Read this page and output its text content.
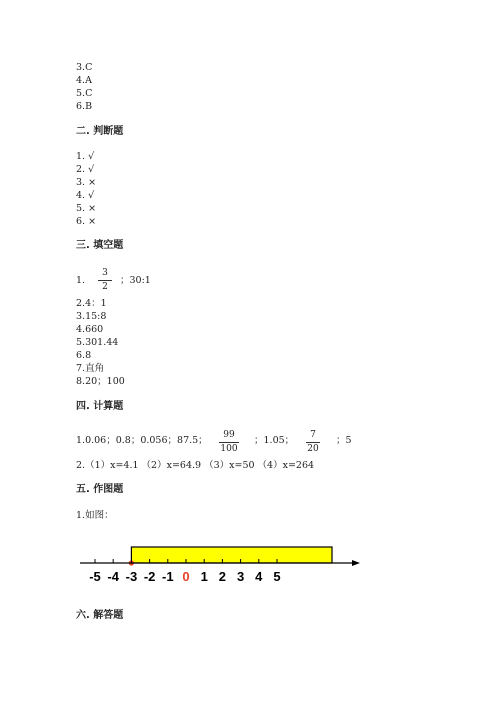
3.C
4.A
5.C
6.B
二. 判断题
1. √
2. √
3. ×
4. √
5. ×
6. ×
三. 填空题
1.
3
2
；30:1
2.4：1
3.15:8
4.660
5.301.44
6.8
7.直角
8.20；100
四. 计算题
1.0.06；0.8；0.056；87.5；	99
100
；1.05；	7
20
；5
2.（1）x=4.1 （2）x=64.9 （3）x=50 （4）x=264
五. 作图题
1.如图：
-5 -4 -3 -2 -1 0 1 2 3 4 5
六. 解答题
